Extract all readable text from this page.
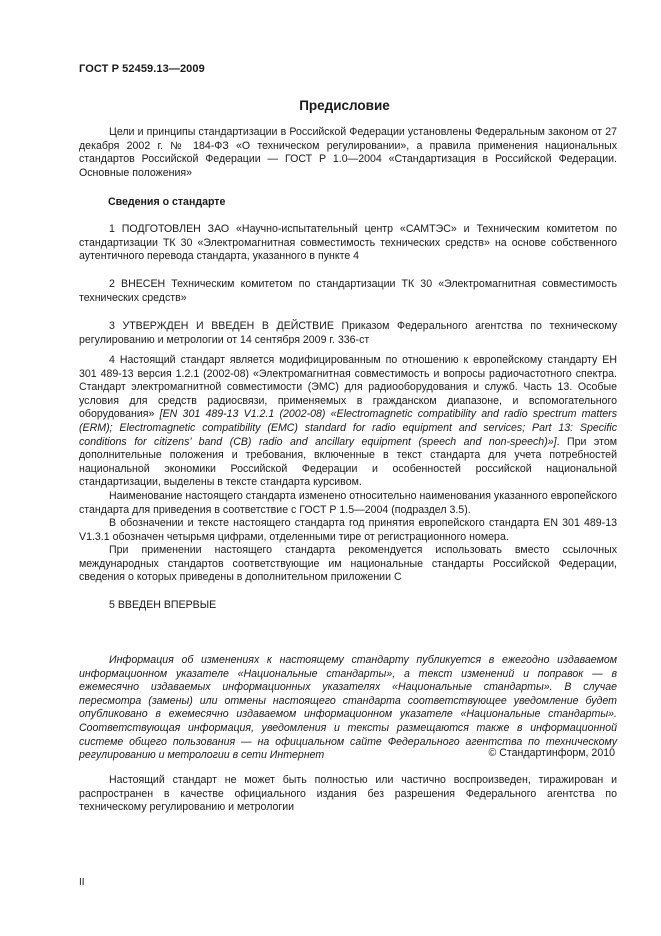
ГОСТ Р 52459.13—2009
Предисловие

Цели и принципы стандартизации в Российской Федерации установлены Федеральным законом от 27 декабря 2002 г. № 184-ФЗ «О техническом регулировании», а правила применения национальных стандартов Российской Федерации — ГОСТ Р 1.0—2004 «Стандартизация в Российской Федерации. Основные положения»

Сведения о стандарте

1 ПОДГОТОВЛЕН ЗАО «Научно-испытательный центр «САМТЭС» и Техническим комитетом по стандартизации ТК 30 «Электромагнитная совместимость технических средств» на основе собственного аутентичного перевода стандарта, указанного в пункте 4

2 ВНЕСЕН Техническим комитетом по стандартизации ТК 30 «Электромагнитная совместимость технических средств»

3 УТВЕРЖДЕН И ВВЕДЕН В ДЕЙСТВИЕ Приказом Федерального агентства по техническому регулированию и метрологии от 14 сентября 2009 г. 336-ст

4 Настоящий стандарт является модифицированным по отношению к европейскому стандарту ЕН 301 489-13 версия 1.2.1 (2002-08) «Электромагнитная совместимость и вопросы радиочастотного спектра. Стандарт электромагнитной совместимости (ЭМС) для радиооборудования и служб. Часть 13. Особые условия для средств радиосвязи, применяемых в гражданском диапазоне, и вспомогательного оборудования» [EN 301 489-13 V1.2.1 (2002-08) «Electromagnetic compatibility and radio spectrum matters (ERM); Electromagnetic compatibility (EMC) standard for radio equipment and services; Part 13: Specific conditions for citizens’ band (CB) radio and ancillary equipment (speech and non-speech)»]. При этом дополнительные положения и требования, включенные в текст стандарта для учета потребностей национальной экономики Российской Федерации и особенностей российской национальной стандартизации, выделены в тексте стандарта курсивом.

Наименование настоящего стандарта изменено относительно наименования указанного европейского стандарта для приведения в соответствие с ГОСТ Р 1.5—2004 (подраздел 3.5).

В обозначении и тексте настоящего стандарта год принятия европейского стандарта EN 301 489-13 V1.3.1 обозначен четырьмя цифрами, отделенными тире от регистрационного номера.

При применении настоящего стандарта рекомендуется использовать вместо ссылочных международных стандартов соответствующие им национальные стандарты Российской Федерации, сведения о которых приведены в дополнительном приложении С

5 ВВЕДЕН ВПЕРВЫЕ

Информация об изменениях к настоящему стандарту публикуется в ежегодно издаваемом информационном указателе «Национальные стандарты», а текст изменений и поправок — в ежемесячно издаваемых информационных указателях «Национальные стандарты». В случае пересмотра (замены) или отмены настоящего стандарта соответствующее уведомление будет опубликовано в ежемесячно издаваемом информационном указателе «Национальные стандарты». Соответствующая информация, уведомления и тексты размещаются также в информационной системе общего пользования — на официальном сайте Федерального агентства по техническому регулированию и метрологии в сети Интернет	© Стандартинформ, 2010

Настоящий стандарт не может быть полностью или частично воспроизведен, тиражирован и распространен в качестве официального издания без разрешения Федерального агентства по техническому регулированию и метрологии

II
